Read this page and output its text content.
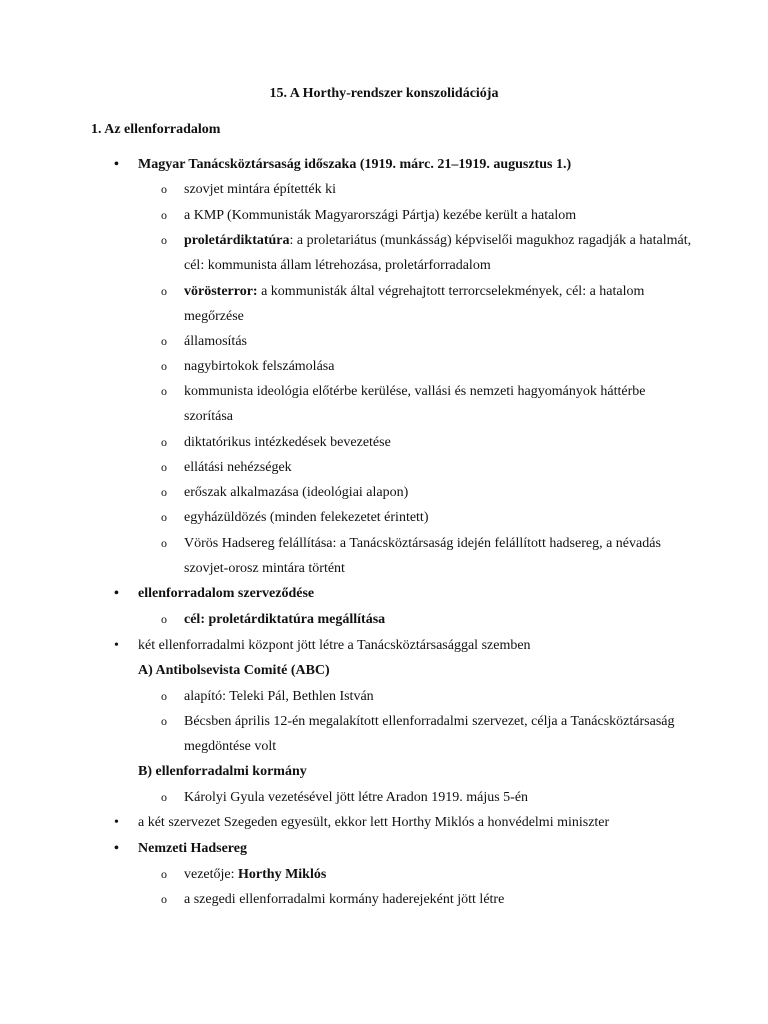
15. A Horthy-rendszer konszolidációja
1. Az ellenforradalom
• Magyar Tanácsköztársaság időszaka (1919. márc. 21–1919. augusztus 1.)
o szovjet mintára építették ki
o a KMP (Kommunisták Magyarországi Pártja) kezébe került a hatalom
o proletárdiktatúra: a proletariátus (munkásság) képviselői magukhoz ragadják a hatalmát, cél: kommunista állam létrehozása, proletárforradalom
o vörösterror: a kommunisták által végrehajtott terrorcselekmények, cél: a hatalom megőrzése
o államosítás
o nagybirtokok felszámolása
o kommunista ideológia előtérbe kerülése, vallási és nemzeti hagyományok háttérbe szorítása
o diktatórikus intézkedések bevezetése
o ellátási nehézségek
o erőszak alkalmazása (ideológiai alapon)
o egyházüldözés (minden felekezetet érintett)
o Vörös Hadsereg felállítása: a Tanácsköztársaság idején felállított hadsereg, a névadás szovjet-orosz mintára történt
• ellenforradalom szerveződése
o cél: proletárdiktatúra megállítása
• két ellenforradalmi központ jött létre a Tanácsköztársasággal szemben
A) Antibolsevista Comité (ABC)
o alapító: Teleki Pál, Bethlen István
o Bécsben április 12-én megalakított ellenforradalmi szervezet, célja a Tanácsköztársaság megdöntése volt
B) ellenforradalmi kormány
o Károlyi Gyula vezetésével jött létre Aradon 1919. május 5-én
• a két szervezet Szegeden egyesült, ekkor lett Horthy Miklós a honvédelmi miniszter
• Nemzeti Hadsereg
o vezetője: Horthy Miklós
o a szegedi ellenforradalmi kormány haderejeként jött létre
